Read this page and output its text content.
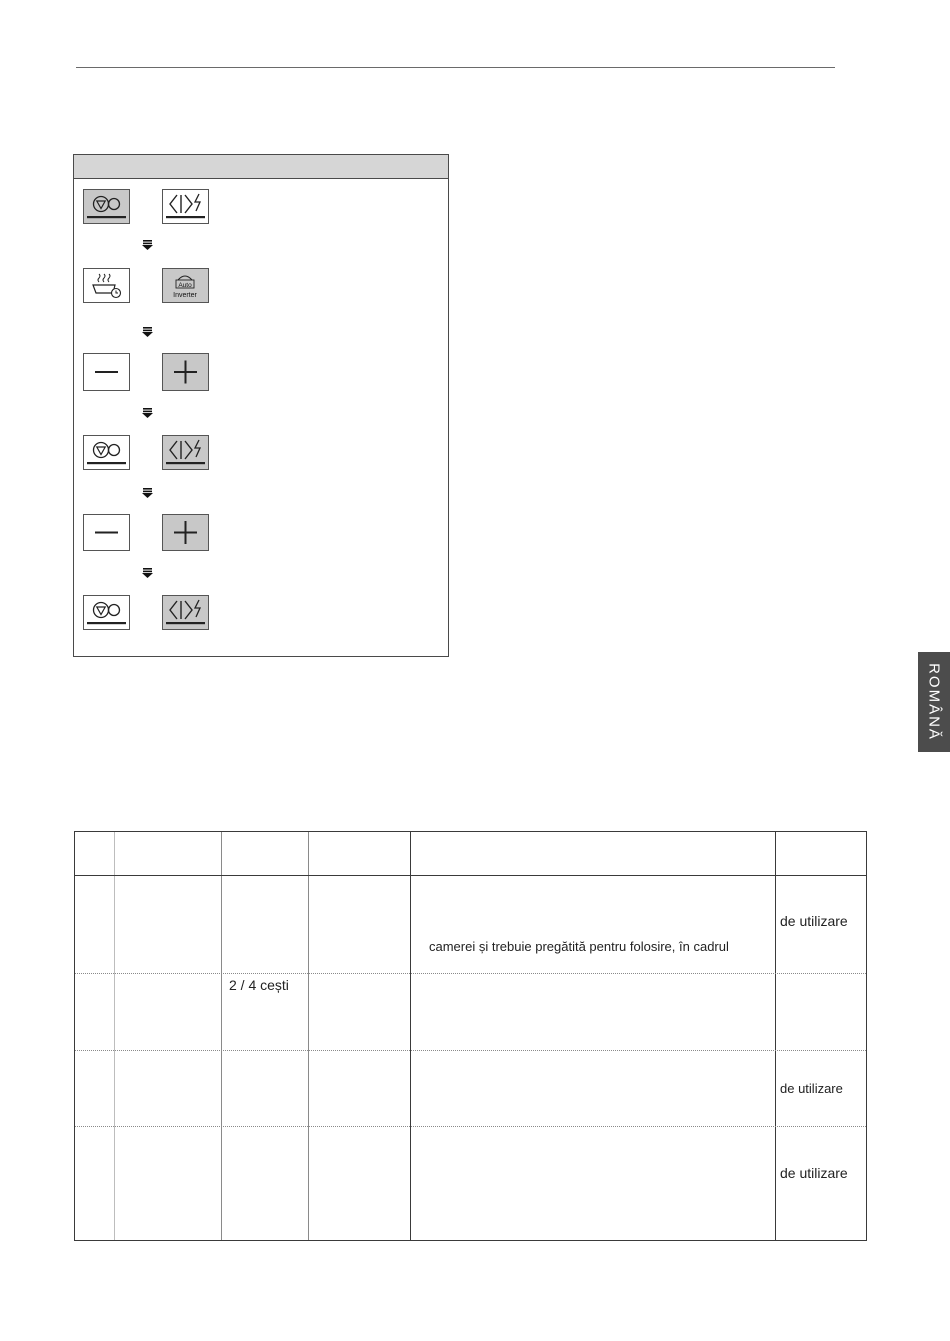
Auto
Inverter
ROMÂNĂ
camerei și trebuie pregătită pentru folosire, în cadrul
de utilizare
2 / 4 cești
de utilizare
de utilizare
